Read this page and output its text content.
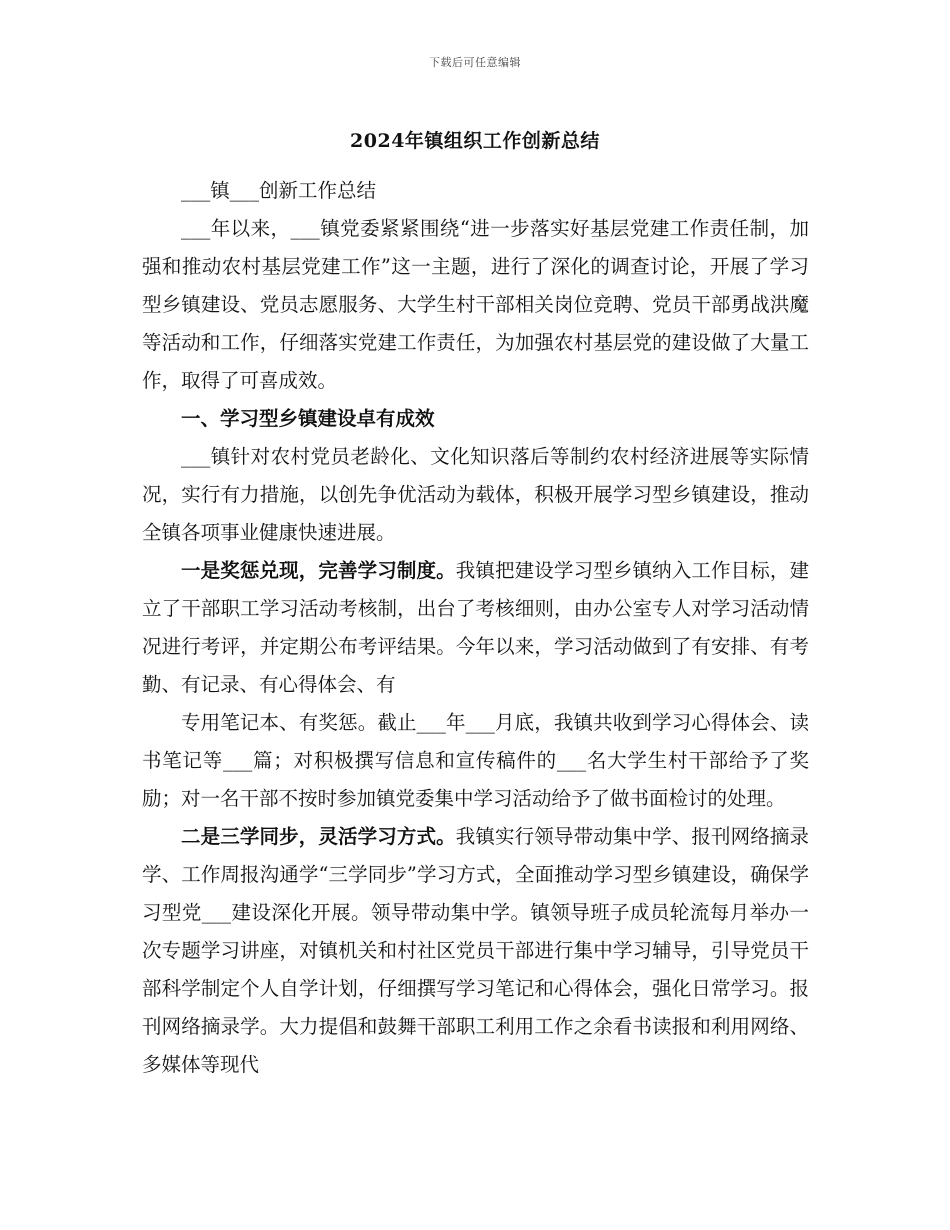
下载后可任意编辑
2024年镇组织工作创新总结

___镇___创新工作总结

___年以来，___镇党委紧紧围绕“进一步落实好基层党建工作责任制，加强和推动农村基层党建工作”这一主题，进行了深化的调查讨论，开展了学习型乡镇建设、党员志愿服务、大学生村干部相关岗位竞聘、党员干部勇战洪魔等活动和工作，仔细落实党建工作责任，为加强农村基层党的建设做了大量工作，取得了可喜成效。

一、学习型乡镇建设卓有成效

___镇针对农村党员老龄化、文化知识落后等制约农村经济进展等实际情况，实行有力措施，以创先争优活动为载体，积极开展学习型乡镇建设，推动全镇各项事业健康快速进展。

一是奖惩兑现，完善学习制度。我镇把建设学习型乡镇纳入工作目标，建立了干部职工学习活动考核制，出台了考核细则，由办公室专人对学习活动情况进行考评，并定期公布考评结果。今年以来，学习活动做到了有安排、有考勤、有记录、有心得体会、有

专用笔记本、有奖惩。截止___年___月底，我镇共收到学习心得体会、读书笔记等___篇；对积极撰写信息和宣传稿件的___名大学生村干部给予了奖励；对一名干部不按时参加镇党委集中学习活动给予了做书面检讨的处理。

二是三学同步，灵活学习方式。我镇实行领导带动集中学、报刊网络摘录学、工作周报沟通学“三学同步”学习方式，全面推动学习型乡镇建设，确保学习型党___建设深化开展。领导带动集中学。镇领导班子成员轮流每月举办一次专题学习讲座，对镇机关和村社区党员干部进行集中学习辅导，引导党员干部科学制定个人自学计划，仔细撰写学习笔记和心得体会，强化日常学习。报刊网络摘录学。大力提倡和鼓舞干部职工利用工作之余看书读报和利用网络、多媒体等现代
